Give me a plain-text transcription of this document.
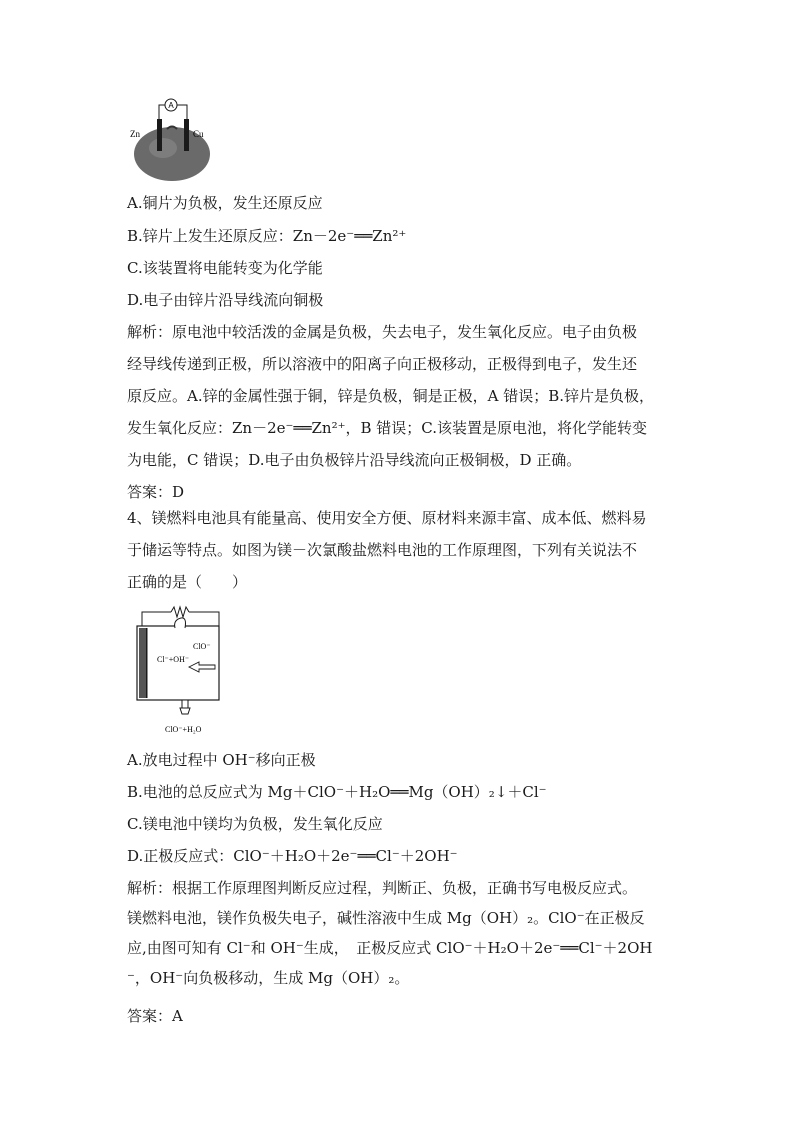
A
Zn	Cu
A.铜片为负极，发生还原反应
B.锌片上发生还原反应：Zn－2e⁻══Zn²⁺
C.该装置将电能转变为化学能
D.电子由锌片沿导线流向铜极
解析：原电池中较活泼的金属是负极，失去电子，发生氧化反应。电子由负极
经导线传递到正极，所以溶液中的阳离子向正极移动，正极得到电子，发生还
原反应。A.锌的金属性强于铜，锌是负极，铜是正极，A 错误；B.锌片是负极，
发生氧化反应：Zn－2e⁻══Zn²⁺，B 错误；C.该装置是原电池，将化学能转变
为电能，C 错误；D.电子由负极锌片沿导线流向正极铜极，D 正确。
答案：D
4、镁燃料电池具有能量高、使用安全方便、原材料来源丰富、成本低、燃料易
于储运等特点。如图为镁－次氯酸盐燃料电池的工作原理图，下列有关说法不
正确的是（　　）
ClO⁻
Cl⁻+OH⁻
ClO⁻+H₂O
A.放电过程中 OH⁻移向正极
B.电池的总反应式为 Mg＋ClO⁻＋H₂O══Mg（OH）₂↓＋Cl⁻
C.镁电池中镁均为负极，发生氧化反应
D.正极反应式：ClO⁻＋H₂O＋2e⁻══Cl⁻＋2OH⁻
解析：根据工作原理图判断反应过程，判断正、负极，正确书写电极反应式。
镁燃料电池，镁作负极失电子，碱性溶液中生成 Mg（OH）₂。ClO⁻在正极反
应,由图可知有 Cl⁻和 OH⁻生成，　正极反应式 ClO⁻＋H₂O＋2e⁻══Cl⁻＋2OH
⁻，OH⁻向负极移动，生成 Mg（OH）₂。
答案：A
